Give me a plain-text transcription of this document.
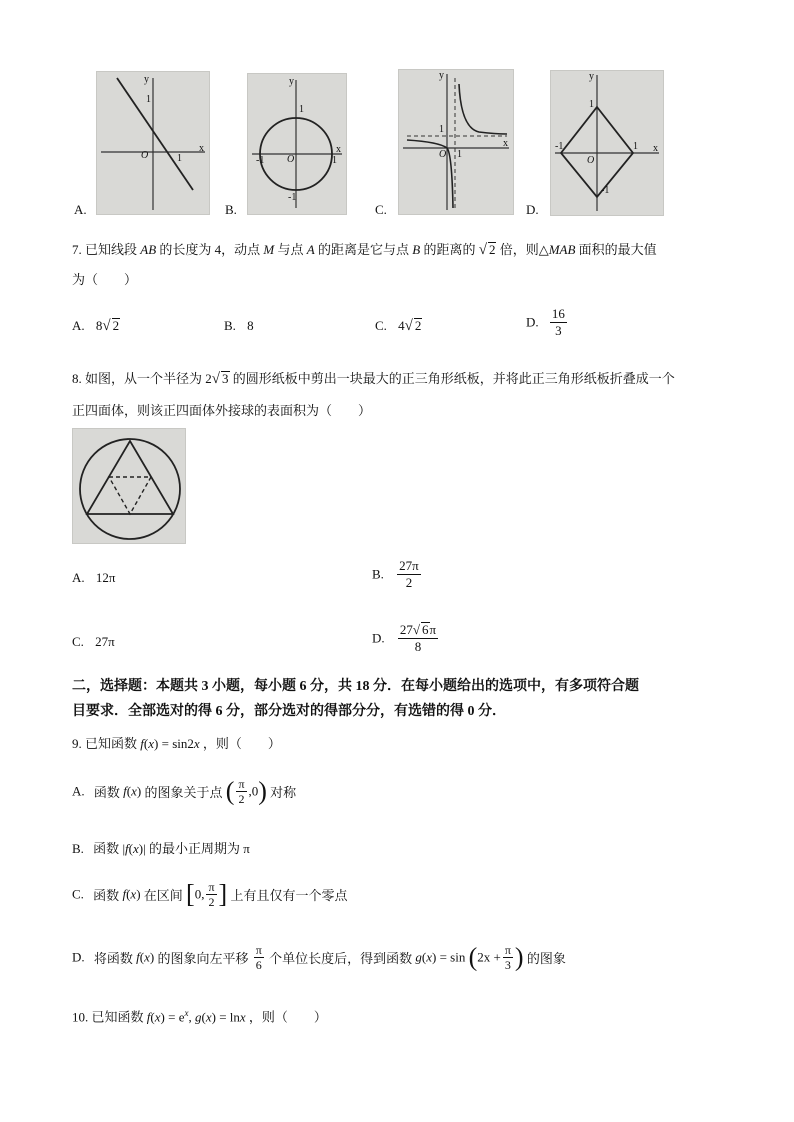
y
1
O	1
x
A.
y
1
-1 O	1
-1
x
B.
y
1
O 1
x
C.
y
1
-1
O
1
-1
x
D.
7. 已知线段 AB 的长度为 4，动点 M 与点 A 的距离是它与点 B 的距离的 √ 2 倍，则△MAB 面积的最大值
为（　　）
A. 8√ 2	B. 8	C. 4√ 2	D. $\frac{16}{3}$
8. 如图，从一个半径为 2√ 3 的圆形纸板中剪出一块最大的正三角形纸板，并将此正三角形纸板折叠成一个
正四面体，则该正四面体外接球的表面积为（　　）
A. 12π	B. $\frac{27\pi}{2}$
C. 27π	D. $\frac{27√ 6\pi}{8}$
二，选择题：本题共 3 小题，每小题 6 分，共 18 分．在每小题给出的选项中，有多项符合题
目要求．全部选对的得 6 分，部分选对的得部分分，有选错的得 0 分．
9. 已知函数 f(x) = sin2x ，则（　　）
A. 函数 f(x) 的图象关于点 ( $\frac{\pi}{2} ,0$) 对称
B. 函数 |f(x)| 的最小正周期为 π
C. 函数 f(x) 在区间 [0, $\frac{\pi}{2}$ ] 上有且仅有一个零点
D. 将函数 f(x) 的图象向左平移 $\frac{\pi}{6}$ 个单位长度后，得到函数 $g(x) = \sin (2x + \frac{\pi}{3}$ ) 的图象
10. 已知函数 $f(x) = e^x$, g(x) = lnx ，则（　　）
